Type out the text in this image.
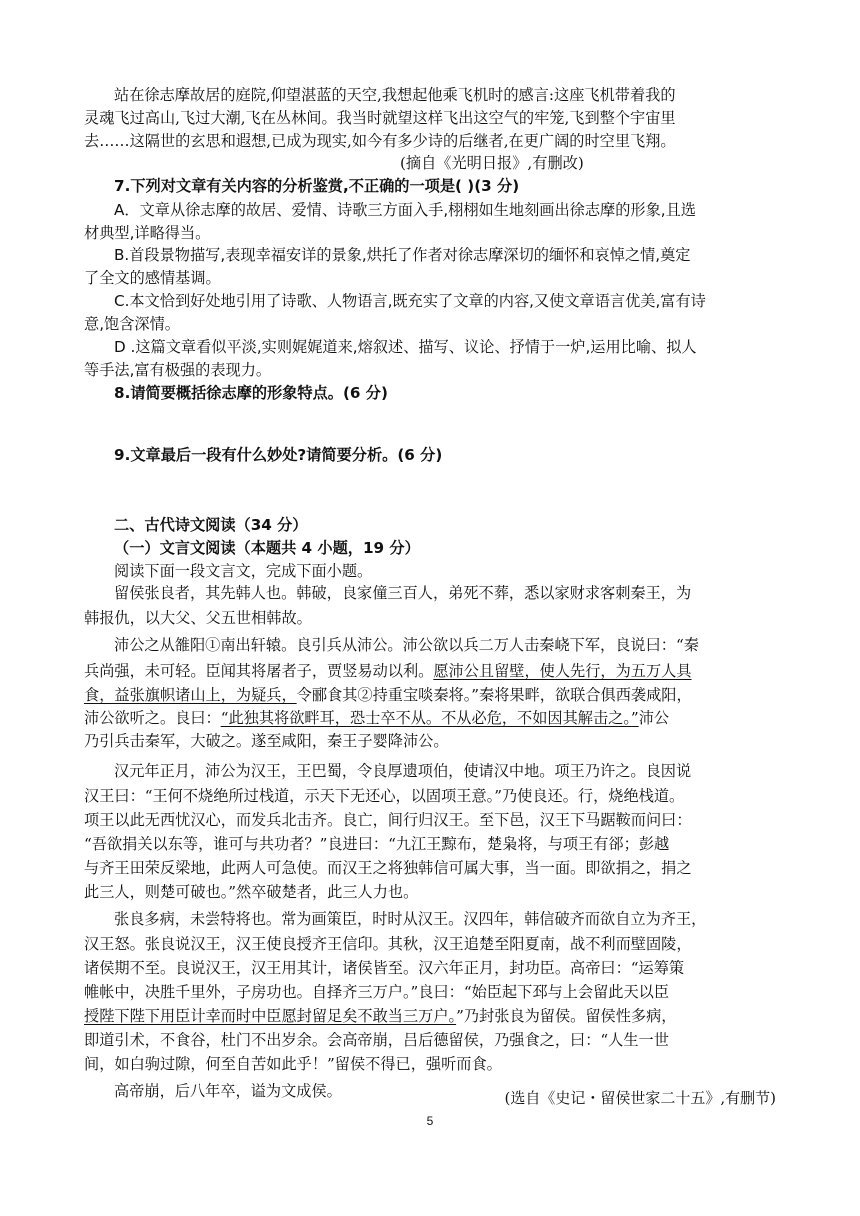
站在徐志摩故居的庭院,仰望湛蓝的天空,我想起他乘飞机时的感言:这座飞机带着我的
灵魂飞过高山,飞过大潮,飞在丛林间。我当时就望这样飞出这空气的牢笼,飞到整个宇宙里
去……这隔世的玄思和遐想,已成为现实,如今有多少诗的后继者,在更广阔的时空里飞翔。
(摘自《光明日报》,有删改)
7.下列对文章有关内容的分析鉴赏,不正确的一项是( )(3 分)
A．文章从徐志摩的故居、爱情、诗歌三方面入手,栩栩如生地刻画出徐志摩的形象,且选
材典型,详略得当。
B.首段景物描写,表现幸福安详的景象,烘托了作者对徐志摩深切的缅怀和哀悼之情,奠定
了全文的感情基调。
C.本文恰到好处地引用了诗歌、人物语言,既充实了文章的内容,又使文章语言优美,富有诗
意,饱含深情。
D .这篇文章看似平淡,实则娓娓道来,熔叙述、描写、议论、抒情于一炉,运用比喻、拟人
等手法,富有极强的表现力。
8.请简要概括徐志摩的形象特点。(6 分)
9.文章最后一段有什么妙处?请简要分析。(6 分)
二、古代诗文阅读（34 分）
（一）文言文阅读（本题共 4 小题，19 分）
阅读下面一段文言文，完成下面小题。
留侯张良者，其先韩人也。韩破，良家僮三百人，弟死不葬，悉以家财求客刺秦王，为
韩报仇，以大父、父五世相韩故。
沛公之从雒阳①南出轩辕。良引兵从沛公。沛公欲以兵二万人击秦峣下军，良说曰：“秦
兵尚强，未可轻。臣闻其将屠者子，贾竖易动以利。愿沛公且留壁，使人先行，为五万人具
食，益张旗帜诸山上，为疑兵，令郦食其②持重宝啖秦将。”秦将果畔，欲联合俱西袭咸阳，
沛公欲听之。良曰：“此独其将欲畔耳，恐士卒不从。不从必危，不如因其解击之。”沛公
乃引兵击秦军，大破之。遂至咸阳，秦王子婴降沛公。
汉元年正月，沛公为汉王，王巴蜀，令良厚遗项伯，使请汉中地。项王乃许之。良因说
汉王曰：“王何不烧绝所过栈道，示天下无还心，以固项王意。”乃使良还。行，烧绝栈道。
项王以此无西忧汉心，而发兵北击齐。良亡，间行归汉王。至下邑，汉王下马踞鞍而问曰：
“吾欲捐关以东等，谁可与共功者？”良进曰：“九江王黥布，楚枭将，与项王有郤；彭越
与齐王田荣反梁地，此两人可急使。而汉王之将独韩信可属大事，当一面。即欲捐之，捐之
此三人，则楚可破也。”然卒破楚者，此三人力也。
张良多病，未尝特将也。常为画策臣，时时从汉王。汉四年，韩信破齐而欲自立为齐王，
汉王怒。张良说汉王，汉王使良授齐王信印。其秋，汉王追楚至阳夏南，战不利而壁固陵，
诸侯期不至。良说汉王，汉王用其计，诸侯皆至。汉六年正月，封功臣。高帝曰：“运筹策
帷帐中，决胜千里外，子房功也。自择齐三万户。”良曰：“始臣起下邳与上会留此天以臣
授陛下陛下用臣计幸而时中臣愿封留足矣不敢当三万户。”乃封张良为留侯。留侯性多病，
即道引术，不食谷，杜门不出岁余。会高帝崩，吕后德留侯，乃强食之，曰：“人生一世
间，如白驹过隙，何至自苦如此乎！”留侯不得已，强听而食。
高帝崩，后八年卒，谥为文成侯。	(选自《史记・留侯世家二十五》,有删节)
5
